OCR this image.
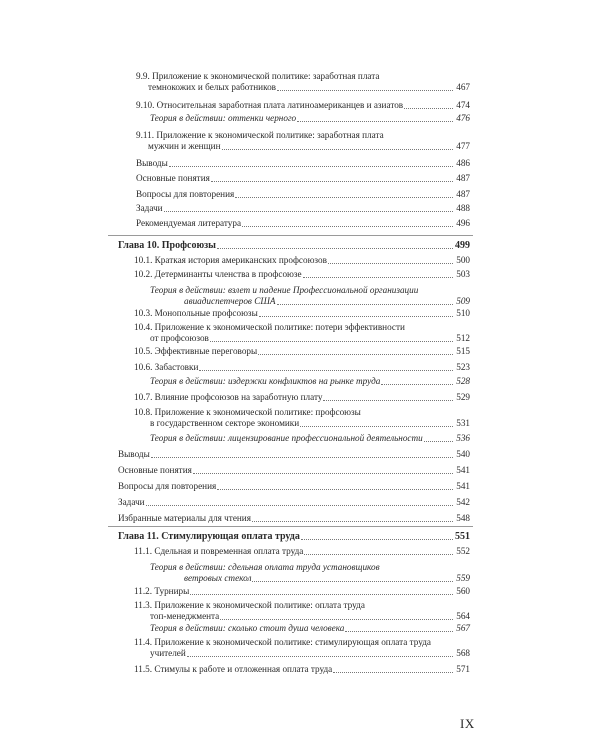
9.9. Приложение к экономической политике: заработная плата
темнокожих и белых работников	467
9.10. Относительная заработная плата латиноамериканцев и азиатов	474
Теория в действии: оттенки черного	476
9.11. Приложение к экономической политике: заработная плата
мужчин и женщин	477
Выводы	486
Основные понятия	487
Вопросы для повторения	487
Задачи	488
Рекомендуемая литература	496
Глава 10. Профсоюзы	499
10.1. Краткая история американских профсоюзов	500
10.2. Детерминанты членства в профсоюзе	503
Теория в действии: взлет и падение Профессиональной организации
авиадиспетчеров США	509
10.3. Монопольные профсоюзы	510
10.4. Приложение к экономической политике: потери эффективности
от профсоюзов	512
10.5. Эффективные переговоры	515
10.6. Забастовки	523
Теория в действии: издержки конфликтов на рынке труда	528
10.7. Влияние профсоюзов на заработную плату	529
10.8. Приложение к экономической политике: профсоюзы
в государственном секторе экономики	531
Теория в действии: лицензирование профессиональной деятельности	536
Выводы	540
Основные понятия	541
Вопросы для повторения	541
Задачи	542
Избранные материалы для чтения	548
Глава 11. Стимулирующая оплата труда	551
11.1. Сдельная и повременная оплата труда	552
Теория в действии: сдельная оплата труда установщиков
ветровых стекол	559
11.2. Турниры	560
11.3. Приложение к экономической политике: оплата труда
топ-менеджмента	564
Теория в действии: сколько стоит душа человека	567
11.4. Приложение к экономической политике: стимулирующая оплата труда
учителей	568
11.5. Стимулы к работе и отложенная оплата труда	571
IX
